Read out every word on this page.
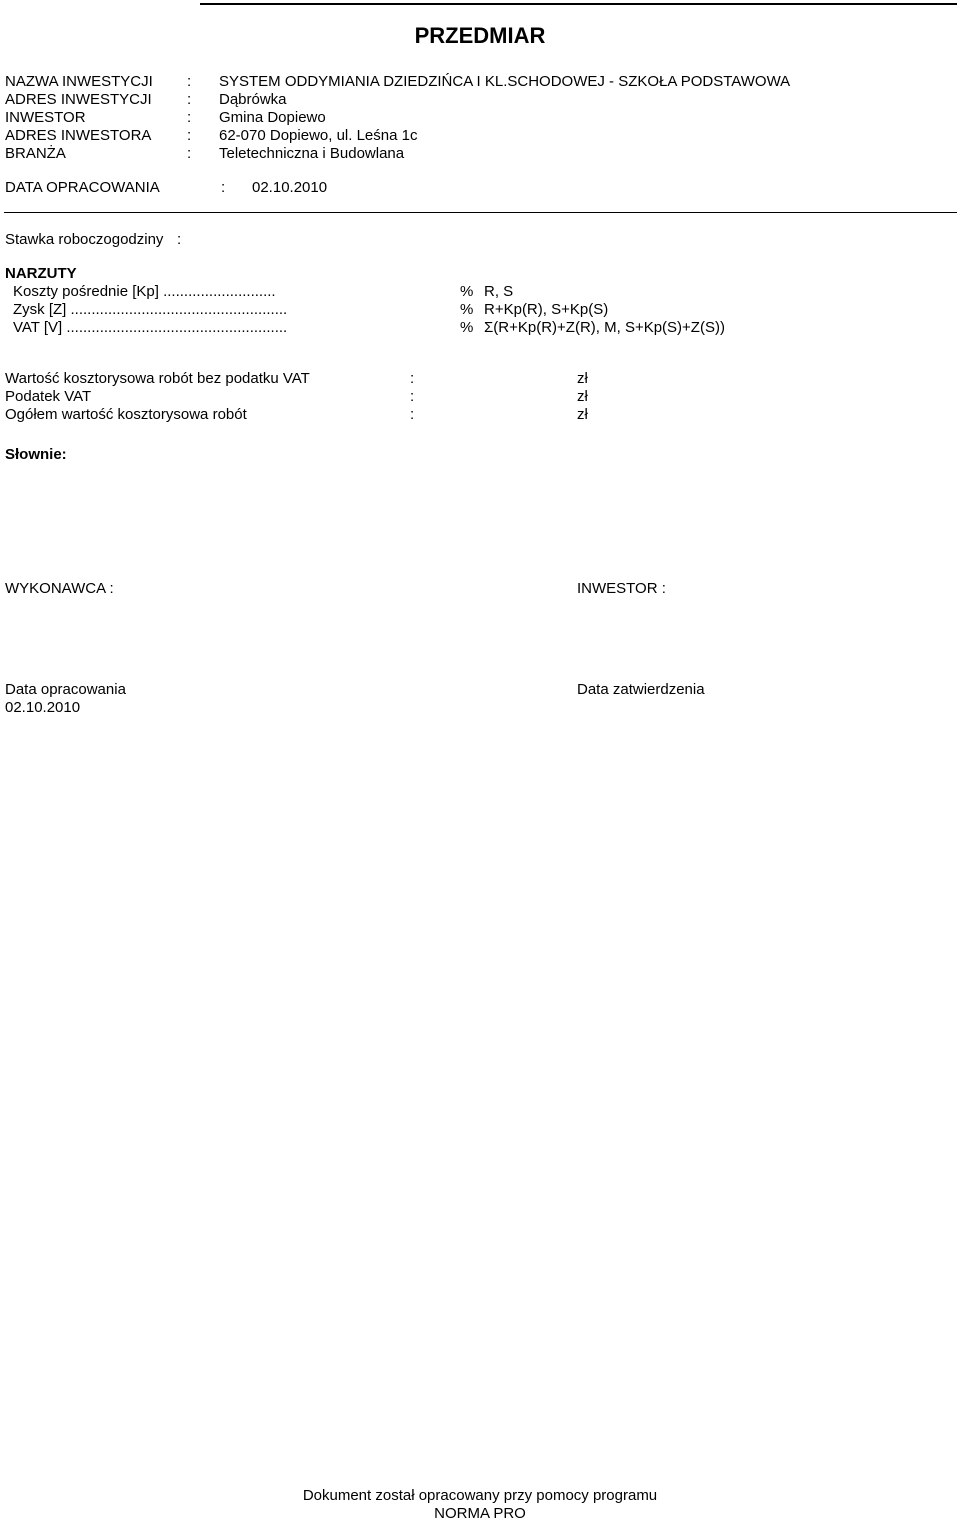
PRZEDMIAR
NAZWA INWESTYCJI : SYSTEM ODDYMIANIA DZIEDZIŃCA I KL.SCHODOWEJ - SZKOŁA PODSTAWOWA
ADRES INWESTYCJI : Dąbrówka
INWESTOR	: Gmina Dopiewo
ADRES INWESTORA : 62-070 Dopiewo, ul. Leśna 1c
BRANŻA	: Teletechniczna i Budowlana
DATA OPRACOWANIA	: 02.10.2010
Stawka roboczogodziny :
NARZUTY
Koszty pośrednie [Kp] ...........................	% R, S
Zysk [Z] ....................................................	% R+Kp(R), S+Kp(S)
VAT [V] .....................................................	% Σ(R+Kp(R)+Z(R), M, S+Kp(S)+Z(S))
Wartość kosztorysowa robót bez podatku VAT	:	zł
Podatek VAT	:	zł
Ogółem wartość kosztorysowa robót	:	zł
Słownie:
WYKONAWCA :	INWESTOR :
Data opracowania
02.10.2010
Data zatwierdzenia
Dokument został opracowany przy pomocy programu
NORMA PRO
